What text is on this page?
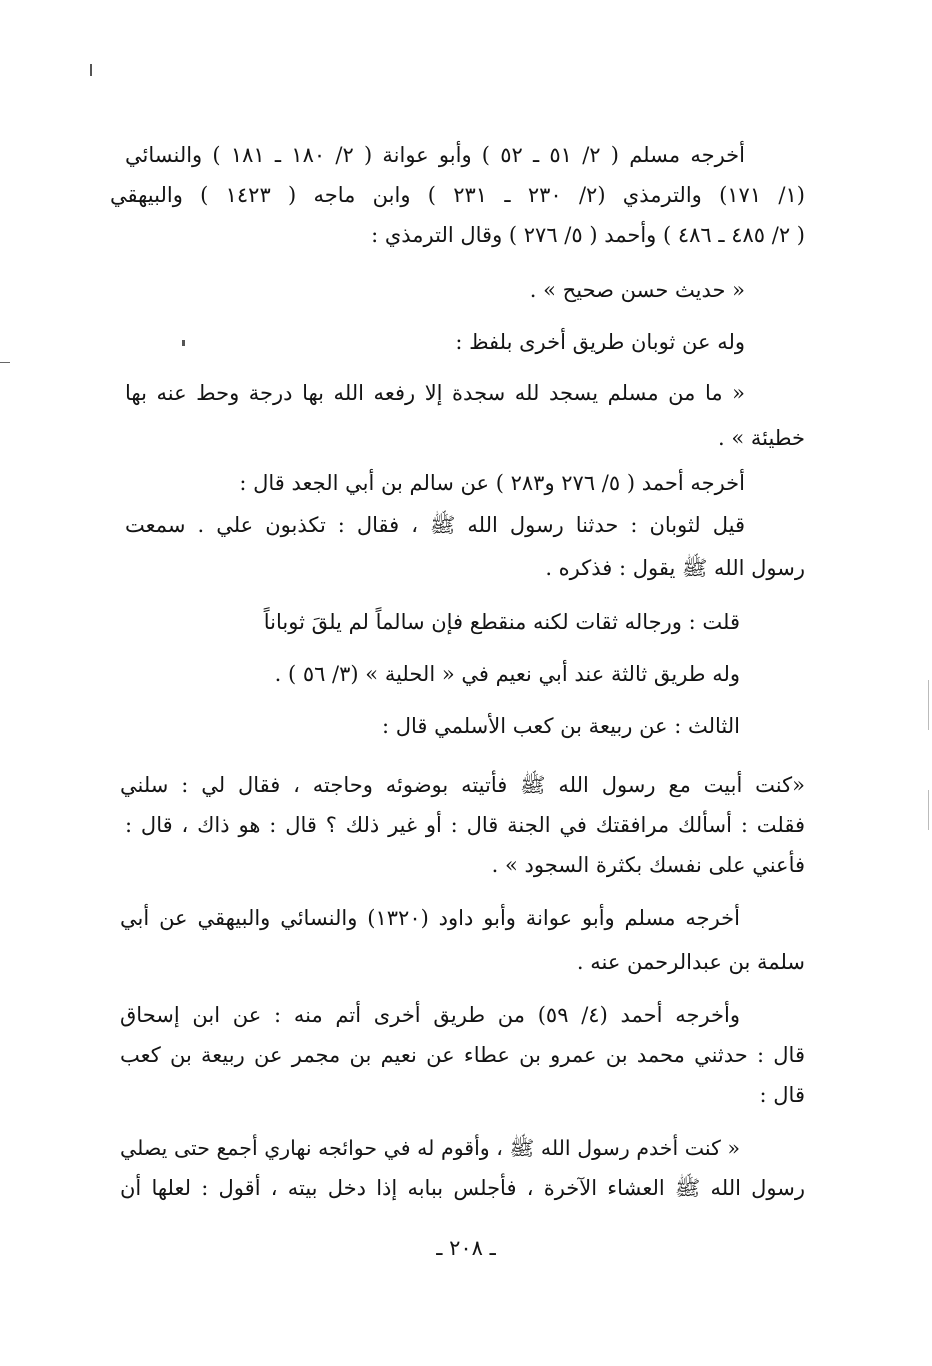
أخرجه مسلم ( ٢/ ٥١ ـ ٥٢ ) وأبو عوانة ( ٢/ ١٨٠ ـ ١٨١ ) والنسائي
(١/ ١٧١) والترمذي (٢/ ٢٣٠ ـ ٢٣١ ) وابن ماجه ( ١٤٢٣ ) والبيهقي
( ٢/ ٤٨٥ ـ ٤٨٦ ) وأحمد ( ٥/ ٢٧٦ ) وقال الترمذي :
« حديث حسن صحيح » .
وله عن ثوبان طريق أخرى بلفظ :
« ما من مسلم يسجد لله سجدة إلا رفعه الله بها درجة وحط عنه بها
خطيئة » .
أخرجه أحمد ( ٥/ ٢٧٦ و٢٨٣ ) عن سالم بن أبي الجعد قال :
قيل لثوبان : حدثنا رسول الله ﷺ ، فقال : تكذبون علي . سمعت
رسول الله ﷺ يقول : فذكره .
قلت : ورجاله ثقات لكنه منقطع فإن سالماً لم يلقَ ثوباناً
وله طريق ثالثة عند أبي نعيم في « الحلية » (٣/ ٥٦ ) .
الثالث : عن ربيعة بن كعب الأسلمي قال :
«كنت أبيت مع رسول الله ﷺ فأتيته بوضوئه وحاجته ، فقال لي : سلني
فقلت : أسألك مرافقتك في الجنة قال : أو غير ذلك ؟ قال : هو ذاك ، قال :
فأعني على نفسك بكثرة السجود » .
أخرجه مسلم وأبو عوانة وأبو داود (١٣٢٠) والنسائي والبيهقي عن أبي
سلمة بن عبدالرحمن عنه .
وأخرجه أحمد (٤/ ٥٩) من طريق أخرى أتم منه : عن ابن إسحاق
قال : حدثني محمد بن عمرو بن عطاء عن نعيم بن مجمر عن ربيعة بن كعب
قال :
« كنت أخدم رسول الله ﷺ ، وأقوم له في حوائجه نهاري أجمع حتى يصلي
رسول الله ﷺ العشاء الآخرة ، فأجلس ببابه إذا دخل بيته ، أقول : لعلها أن
ـ ٢٠٨ ـ
